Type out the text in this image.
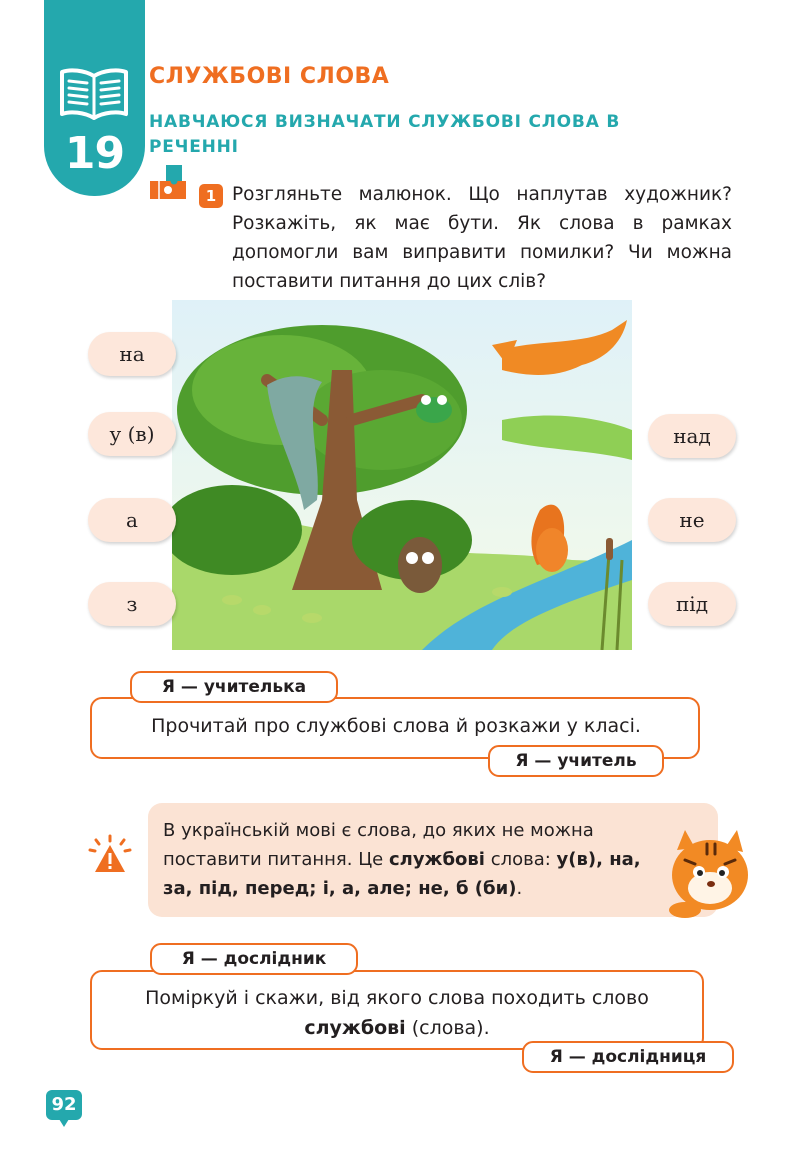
19
СЛУЖБОВІ СЛОВА
НАВЧАЮСЯ ВИЗНАЧАТИ СЛУЖБОВІ СЛОВА В РЕЧЕННІ
1 Розгляньте малюнок. Що наплутав художник? Розкажіть, як має бути. Як слова в рамках допомогли вам виправити помилки? Чи можна поставити питання до цих слів?
на
у (в)
а
з
над
не
під
Прочитай про службові слова й розкажи у класі.
Я — учителька
Я — учитель
В українській мові є слова, до яких не можна поставити питання. Це службові слова: у(в), на, за, під, перед; і, а, але; не, б (би).
Поміркуй і скажи, від якого слова походить слово
службові (слова).
Я — дослідник
Я — дослідниця
92
